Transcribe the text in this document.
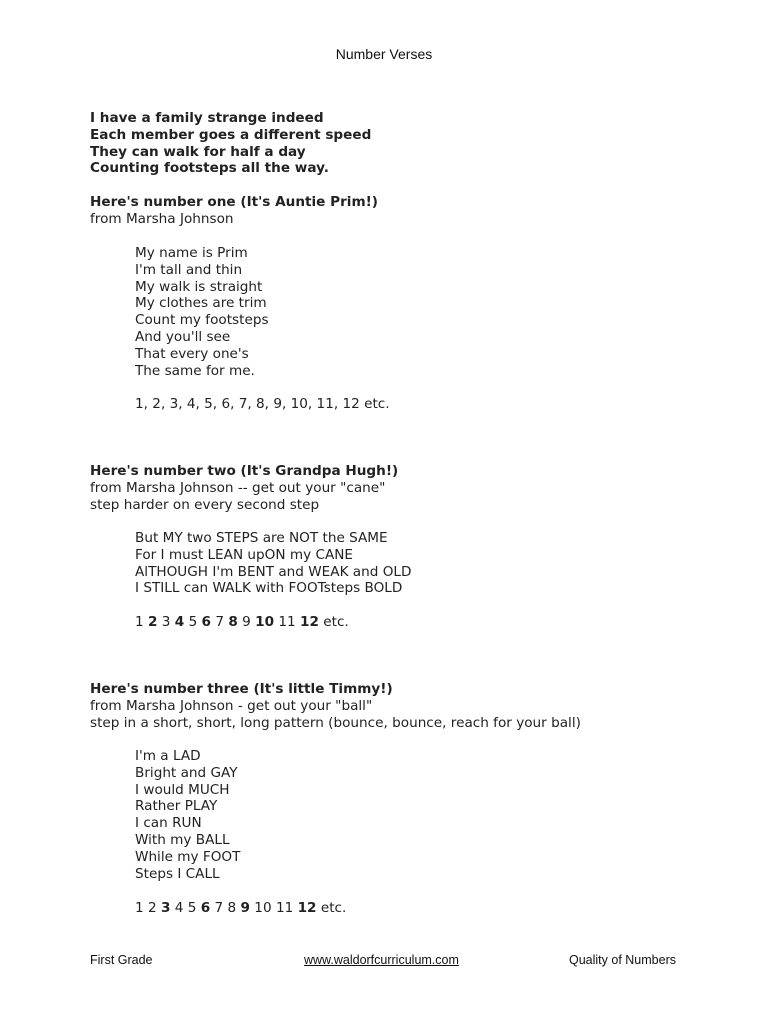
Number Verses
I have a family strange indeed
Each member goes a different speed
They can walk for half a day
Counting footsteps all the way.
Here's number one (It's Auntie Prim!)
from Marsha Johnson
My name is Prim
I'm tall and thin
My walk is straight
My clothes are trim
Count my footsteps
And you'll see
That every one's
The same for me.
1, 2, 3, 4, 5, 6, 7, 8, 9, 10, 11, 12 etc.
Here's number two (It's Grandpa Hugh!)
from Marsha Johnson -- get out your "cane"
step harder on every second step
But MY two STEPS are NOT the SAME
For I must LEAN upON my CANE
AlTHOUGH I'm BENT and WEAK and OLD
I STILL can WALK with FOOTsteps BOLD
1 2 3 4 5 6 7 8 9 10 11 12 etc.
Here's number three (It's little Timmy!)
from Marsha Johnson - get out your "ball"
step in a short, short, long pattern (bounce, bounce, reach for your ball)
I'm a LAD
Bright and GAY
I would MUCH
Rather PLAY
I can RUN
With my BALL
While my FOOT
Steps I CALL
1 2 3 4 5 6 7 8 9 10 11 12 etc.
First Grade	www.waldorfcurriculum.com	Quality of Numbers
